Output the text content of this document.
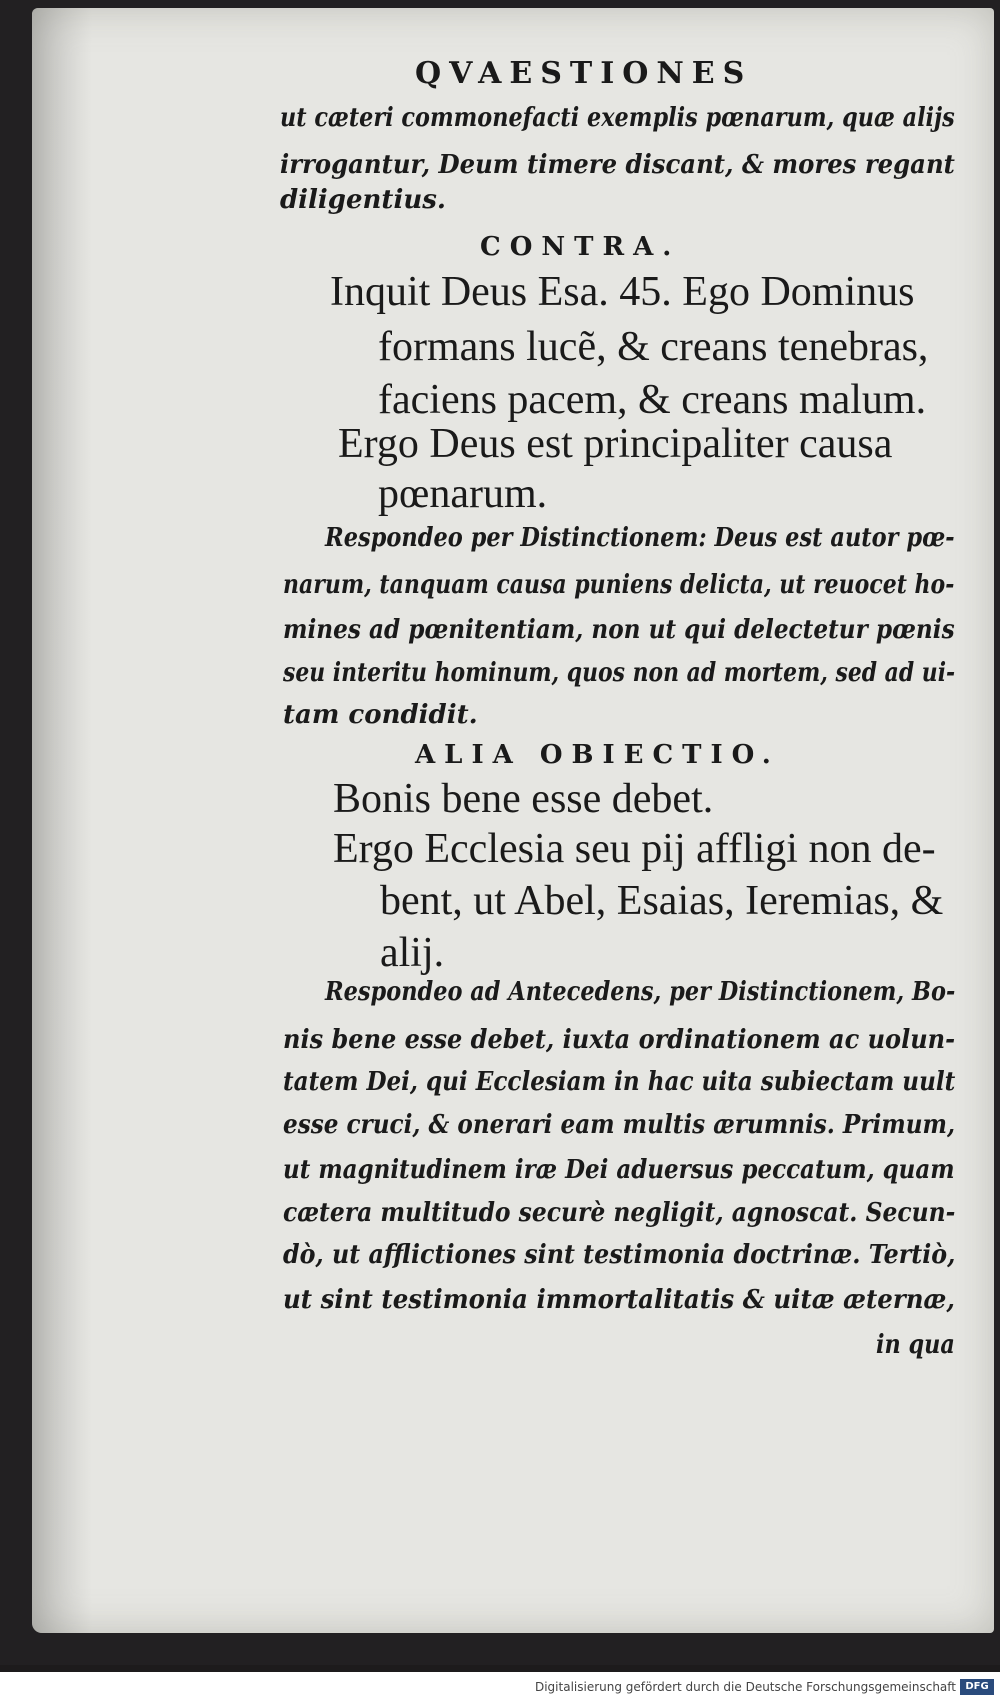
QVAESTIONES
ut cæteri commonefacti exemplis pœnarum, quæ alijs
irrogantur, Deum timere discant, & mores regant
diligentius.
CONTRA.
Inquit Deus Esa. 45. Ego Dominus
formans lucẽ, & creans tenebras,
faciens pacem, & creans malum.
Ergo Deus est principaliter causa
pœnarum.
Respondeo per Distinctionem: Deus est autor pœ-
narum, tanquam causa puniens delicta, ut reuocet ho-
mines ad pœnitentiam, non ut qui delectetur pœnis
seu interitu hominum, quos non ad mortem, sed ad ui-
tam condidit.
ALIA OBIECTIO.
Bonis bene esse debet.
Ergo Ecclesia seu pij affligi non de-
bent, ut Abel, Esaias, Ieremias, &
alij.
Respondeo ad Antecedens, per Distinctionem, Bo-
nis bene esse debet, iuxta ordinationem ac uolun-
tatem Dei, qui Ecclesiam in hac uita subiectam uult
esse cruci, & onerari eam multis ærumnis. Primum,
ut magnitudinem iræ Dei aduersus peccatum, quam
cætera multitudo securè negligit, agnoscat. Secun-
dò, ut afflictiones sint testimonia doctrinæ. Tertiò,
ut sint testimonia immortalitatis & uitæ æternæ,
in qua
Digitalisierung gefördert durch die Deutsche Forschungsgemeinschaft DFG
